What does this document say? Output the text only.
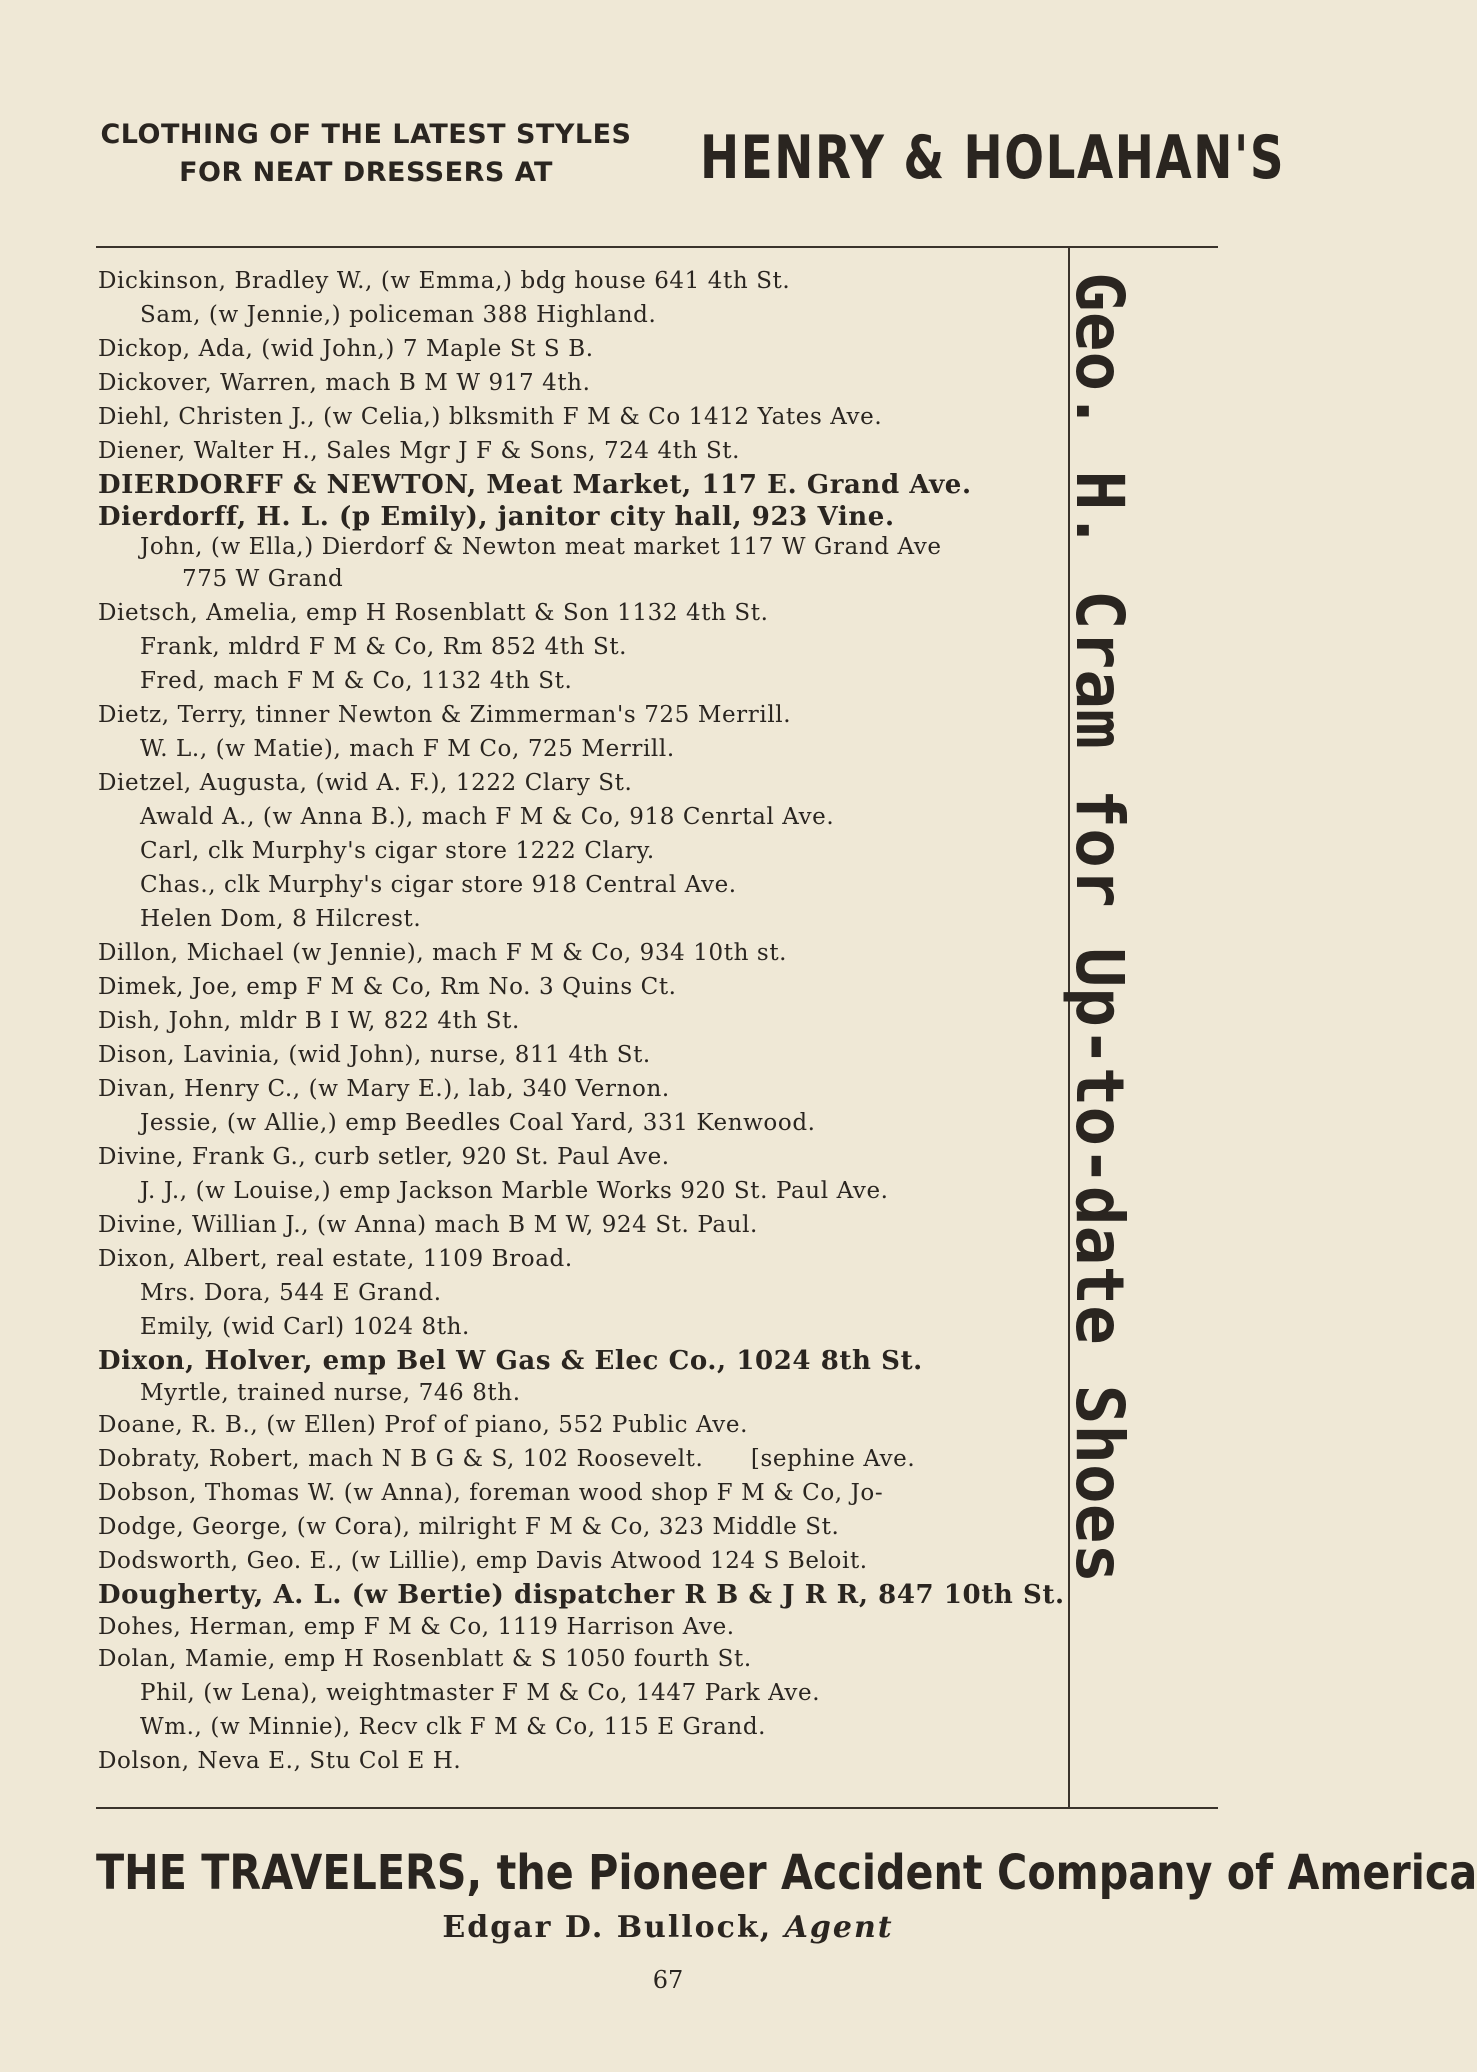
CLOTHING OF THE LATEST STYLES
FOR NEAT DRESSERS AT	HENRY & HOLAHAN'S
Geo. H. Cram for Up-to-date Shoes
Dickinson, Bradley W., (w Emma,) bdg house 641 4th St.
Sam, (w Jennie,) policeman 388 Highland.
Dickop, Ada, (wid John,) 7 Maple St S B.
Dickover, Warren, mach B M W 917 4th.
Diehl, Christen J., (w Celia,) blksmith F M & Co 1412 Yates Ave.
Diener, Walter H., Sales Mgr J F & Sons, 724 4th St.
DIERDORFF & NEWTON, Meat Market, 117 E. Grand Ave.
Dierdorff, H. L. (p Emily), janitor city hall, 923 Vine.
John, (w Ella,) Dierdorf & Newton meat market 117 W Grand Ave
775 W Grand
Dietsch, Amelia, emp H Rosenblatt & Son 1132 4th St.
Frank, mldrd F M & Co, Rm 852 4th St.
Fred, mach F M & Co, 1132 4th St.
Dietz, Terry, tinner Newton & Zimmerman's 725 Merrill.
W. L., (w Matie), mach F M Co, 725 Merrill.
Dietzel, Augusta, (wid A. F.), 1222 Clary St.
Awald A., (w Anna B.), mach F M & Co, 918 Cenrtal Ave.
Carl, clk Murphy's cigar store 1222 Clary.
Chas., clk Murphy's cigar store 918 Central Ave.
Helen Dom, 8 Hilcrest.
Dillon, Michael (w Jennie), mach F M & Co, 934 10th st.
Dimek, Joe, emp F M & Co, Rm No. 3 Quins Ct.
Dish, John, mldr B I W, 822 4th St.
Dison, Lavinia, (wid John), nurse, 811 4th St.
Divan, Henry C., (w Mary E.), lab, 340 Vernon.
Jessie, (w Allie,) emp Beedles Coal Yard, 331 Kenwood.
Divine, Frank G., curb setler, 920 St. Paul Ave.
J. J., (w Louise,) emp Jackson Marble Works 920 St. Paul Ave.
Divine, Willian J., (w Anna) mach B M W, 924 St. Paul.
Dixon, Albert, real estate, 1109 Broad.
Mrs. Dora, 544 E Grand.
Emily, (wid Carl) 1024 8th.
Dixon, Holver, emp Bel W Gas & Elec Co., 1024 8th St.
Myrtle, trained nurse, 746 8th.
Doane, R. B., (w Ellen) Prof of piano, 552 Public Ave.
Dobraty, Robert, mach N B G & S, 102 Roosevelt.      [sephine Ave.
Dobson, Thomas W. (w Anna), foreman wood shop F M & Co, Jo-
Dodge, George, (w Cora), milright F M & Co, 323 Middle St.
Dodsworth, Geo. E., (w Lillie), emp Davis Atwood 124 S Beloit.
Dougherty, A. L. (w Bertie) dispatcher R B & J R R, 847 10th St.
Dohes, Herman, emp F M & Co, 1119 Harrison Ave.
Dolan, Mamie, emp H Rosenblatt & S 1050 fourth St.
Phil, (w Lena), weightmaster F M & Co, 1447 Park Ave.
Wm., (w Minnie), Recv clk F M & Co, 115 E Grand.
Dolson, Neva E., Stu Col E H.
THE TRAVELERS, the Pioneer Accident Company of America
Edgar D. Bullock, Agent
67
